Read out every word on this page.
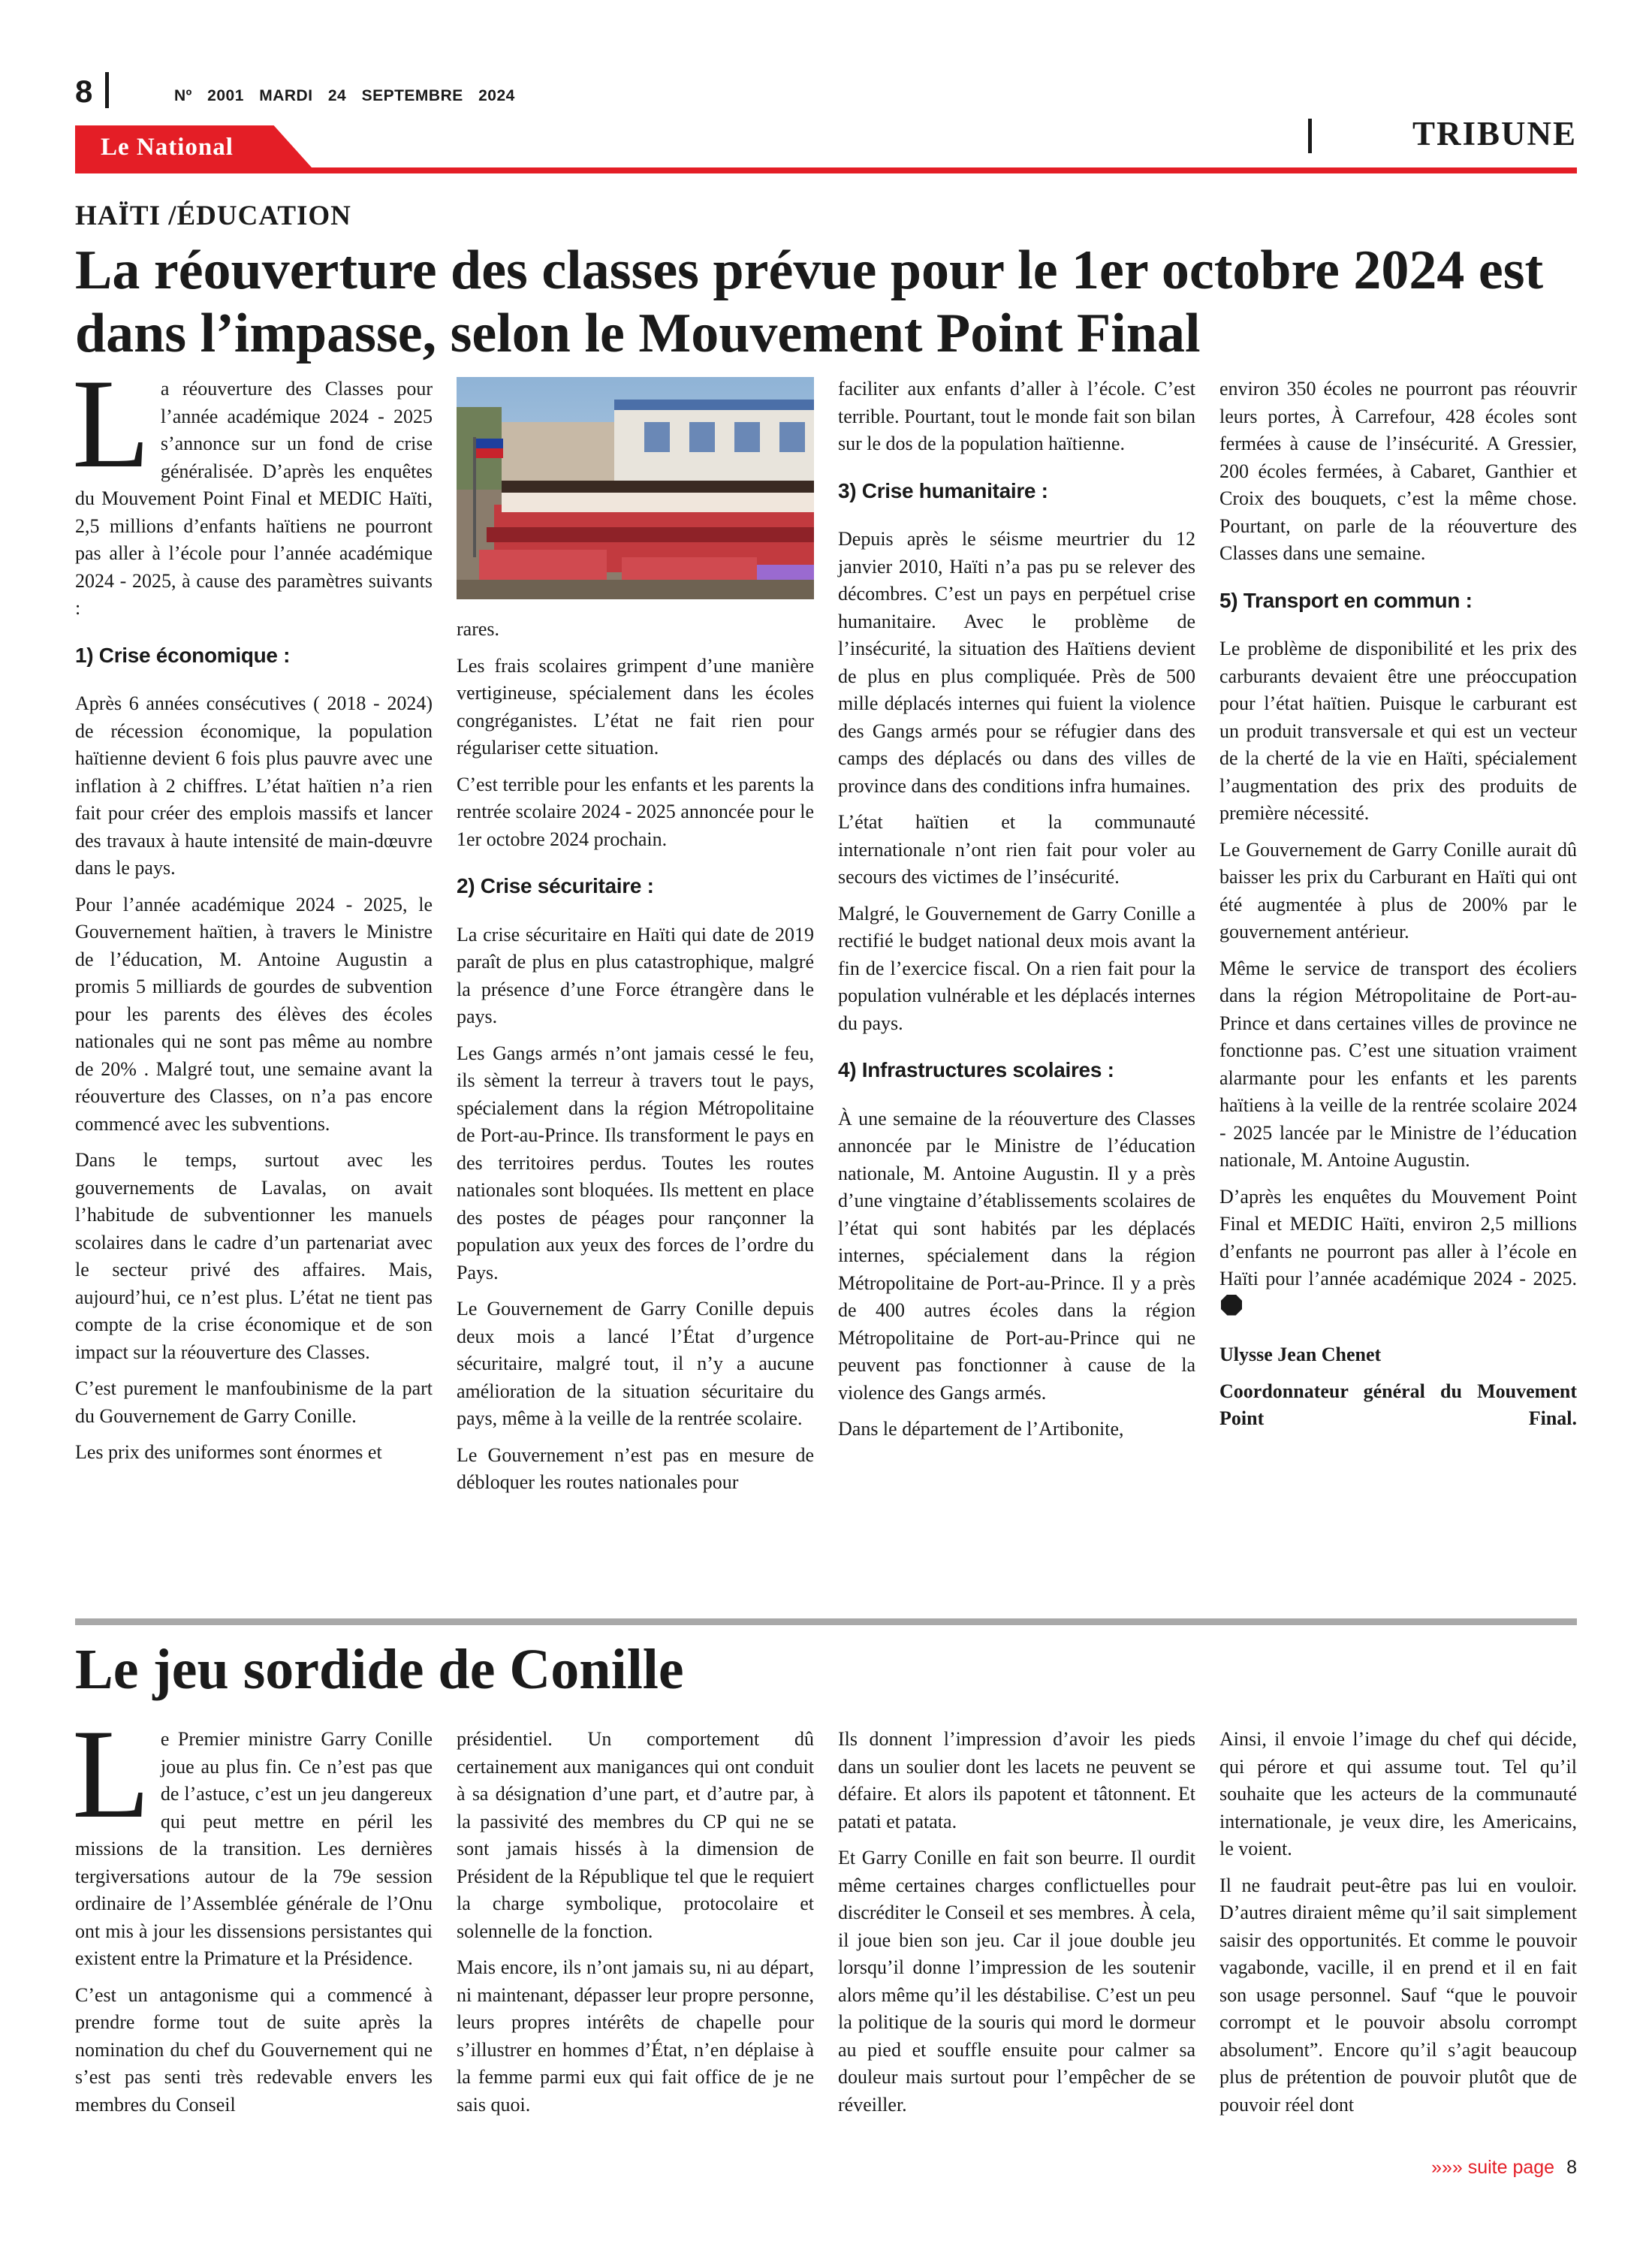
8	Nº 2001 MARDI 24 SEPTEMBRE 2024
Le National	TRIBUNE
HAÏTI /ÉDUCATION
La réouverture des classes prévue pour le 1er octobre 2024 est dans l’impasse, selon le Mouvement Point Final

La réouverture des Classes pour l’année académique 2024 - 2025 s’annonce sur un fond de crise généralisée. D’après les enquêtes du Mouvement Point Final et MEDIC Haïti, 2,5 millions d’enfants haïtiens ne pourront pas aller à l’école pour l’année académique 2024 - 2025, à cause des paramètres suivants :

1) Crise économique :

Après 6 années consécutives ( 2018 - 2024) de récession économique, la population haïtienne devient 6 fois plus pauvre avec une inflation à 2 chiffres. L’état haïtien n’a rien fait pour créer des emplois massifs et lancer des travaux à haute intensité de main-dœuvre dans le pays.

Pour l’année académique 2024 - 2025, le Gouvernement haïtien, à travers le Ministre de l’éducation, M. Antoine Augustin a promis 5 milliards de gourdes de subvention pour les parents des élèves des écoles nationales qui ne sont pas même au nombre de 20% . Malgré tout, une semaine avant la réouverture des Classes, on n’a pas encore commencé avec les subventions.

Dans le temps, surtout avec les gouvernements de Lavalas, on avait l’habitude de subventionner les manuels scolaires dans le cadre d’un partenariat avec le secteur privé des affaires. Mais, aujourd’hui, ce n’est plus. L’état ne tient pas compte de la crise économique et de son impact sur la réouverture des Classes.

C’est purement le manfoubinisme de la part du Gouvernement de Garry Conille.

Les prix des uniformes sont énormes et

rares.

Les frais scolaires grimpent d’une manière vertigineuse, spécialement dans les écoles congréganistes. L’état ne fait rien pour régulariser cette situation.

C’est terrible pour les enfants et les parents la rentrée scolaire 2024 - 2025 annoncée pour le 1er octobre 2024 prochain.

2) Crise sécuritaire :

La crise sécuritaire en Haïti qui date de 2019 paraît de plus en plus catastrophique, malgré la présence d’une Force étrangère dans le pays.

Les Gangs armés n’ont jamais cessé le feu, ils sèment la terreur à travers tout le pays, spécialement dans la région Métropolitaine de Port-au-Prince. Ils transforment le pays en des territoires perdus. Toutes les routes nationales sont bloquées. Ils mettent en place des postes de péages pour rançonner la population aux yeux des forces de l’ordre du Pays.

Le Gouvernement de Garry Conille depuis deux mois a lancé l’État d’urgence sécuritaire, malgré tout, il n’y a aucune amélioration de la situation sécuritaire du pays, même à la veille de la rentrée scolaire.

Le Gouvernement n’est pas en mesure de débloquer les routes nationales pour

faciliter aux enfants d’aller à l’école. C’est terrible. Pourtant, tout le monde fait son bilan sur le dos de la population haïtienne.

3) Crise humanitaire :

Depuis après le séisme meurtrier du 12 janvier 2010, Haïti n’a pas pu se relever des décombres. C’est un pays en perpétuel crise humanitaire. Avec le problème de l’insécurité, la situation des Haïtiens devient de plus en plus compliquée. Près de 500 mille déplacés internes qui fuient la violence des Gangs armés pour se réfugier dans des camps des déplacés ou dans des villes de province dans des conditions infra humaines.

L’état haïtien et la communauté internationale n’ont rien fait pour voler au secours des victimes de l’insécurité.

Malgré, le Gouvernement de Garry Conille a rectifié le budget national deux mois avant la fin de l’exercice fiscal. On a rien fait pour la population vulnérable et les déplacés internes du pays.

4) Infrastructures scolaires :

À une semaine de la réouverture des Classes annoncée par le Ministre de l’éducation nationale, M. Antoine Augustin. Il y a près d’une vingtaine d’établissements scolaires de l’état qui sont habités par les déplacés internes, spécialement dans la région Métropolitaine de Port-au-Prince. Il y a près de 400 autres écoles dans la région Métropolitaine de Port-au-Prince qui ne peuvent pas fonctionner à cause de la violence des Gangs armés.

Dans le département de l’Artibonite,

environ 350 écoles ne pourront pas réouvrir leurs portes, À Carrefour, 428 écoles sont fermées à cause de l’insécurité. A Gressier, 200 écoles fermées, à Cabaret, Ganthier et Croix des bouquets, c’est la même chose. Pourtant, on parle de la réouverture des Classes dans une semaine.

5) Transport en commun :

Le problème de disponibilité et les prix des carburants devaient être une préoccupation pour l’état haïtien. Puisque le carburant est un produit transversale et qui est un vecteur de la cherté de la vie en Haïti, spécialement l’augmentation des prix des produits de première nécessité.

Le Gouvernement de Garry Conille aurait dû baisser les prix du Carburant en Haïti qui ont été augmentée à plus de 200% par le gouvernement antérieur.

Même le service de transport des écoliers dans la région Métropolitaine de Port-au-Prince et dans certaines villes de province ne fonctionne pas. C’est une situation vraiment alarmante pour les enfants et les parents haïtiens à la veille de la rentrée scolaire 2024 - 2025 lancée par le Ministre de l’éducation nationale, M. Antoine Augustin.

D’après les enquêtes du Mouvement Point Final et MEDIC Haïti, environ 2,5 millions d’enfants ne pourront pas aller à l’école en Haïti pour l’année académique 2024 - 2025.

Ulysse Jean Chenet

Coordonnateur général du Mouvement Point Final.

Le jeu sordide de Conille

Le Premier ministre Garry Conille joue au plus fin. Ce n’est pas que de l’astuce, c’est un jeu dangereux qui peut mettre en péril les missions de la transition. Les dernières tergiversations autour de la 79e session ordinaire de l’Assemblée générale de l’Onu ont mis à jour les dissensions persistantes qui existent entre la Primature et la Présidence.

C’est un antagonisme qui a commencé à prendre forme tout de suite après la nomination du chef du Gouvernement qui ne s’est pas senti très redevable envers les membres du Conseil

présidentiel. Un comportement dû certainement aux manigances qui ont conduit à sa désignation d’une part, et d’autre par, à la passivité des membres du CP qui ne se sont jamais hissés à la dimension de Président de la République tel que le requiert la charge symbolique, protocolaire et solennelle de la fonction.

Mais encore, ils n’ont jamais su, ni au départ, ni maintenant, dépasser leur propre personne, leurs propres intérêts de chapelle pour s’illustrer en hommes d’État, n’en déplaise à la femme parmi eux qui fait office de je ne sais quoi.

Ils donnent l’impression d’avoir les pieds dans un soulier dont les lacets ne peuvent se défaire. Et alors ils papotent et tâtonnent. Et patati et patata.

Et Garry Conille en fait son beurre. Il ourdit même certaines charges conflictuelles pour discréditer le Conseil et ses membres. À cela, il joue bien son jeu. Car il joue double jeu lorsqu’il donne l’impression de les soutenir alors même qu’il les déstabilise. C’est un peu la politique de la souris qui mord le dormeur au pied et souffle ensuite pour calmer sa douleur mais surtout pour l’empêcher de se réveiller.

Ainsi, il envoie l’image du chef qui décide, qui pérore et qui assume tout. Tel qu’il souhaite que les acteurs de la communauté internationale, je veux dire, les Americains, le voient.

Il ne faudrait peut-être pas lui en vouloir. D’autres diraient même qu’il sait simplement saisir des opportunités. Et comme le pouvoir vagabonde, vacille, il en prend et il en fait son usage personnel. Sauf “que le pouvoir corrompt et le pouvoir absolu corrompt absolument”. Encore qu’il s’agit beaucoup plus de prétention de pouvoir plutôt que de pouvoir réel dont

»»» suite page 8
